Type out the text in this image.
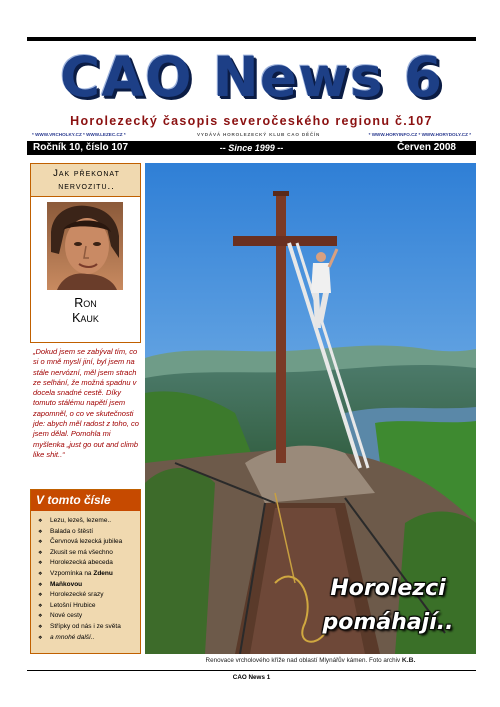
CAO News 6
Horolezecký časopis severočeského regionu č.107
* WWW.VRCHOLKY.CZ * WWW.LEZEC.CZ *	VYDÁVÁ HOROLEZECKÝ KLUB CAO DĚČÍN	* WWW.HORYINFO.CZ * WWW.HORYDOLY.CZ *
-- Since 1999 --
Ročník 10, číslo 107	Červen 2008
Jak překonat nervozitu..
Ron
Kauk
„Dokud jsem se zabýval tím, co si o mně myslí jiní, byl jsem na stále nervózní, měl jsem strach ze selhání, že možná spadnu v docela snadné cestě. Díky tomuto stálému napětí jsem zapomněl, o co ve skutečnosti jde: abych měl radost z toho, co jsem dělal. Pomohla mi myšlenka „just go out and climb like shit..“
V tomto čísle
❖ Lezu, lezeš, lezeme..
❖ Balada o štěstí
❖ Červnová lezecká jubilea
❖ Zkusit se má všechno
❖ Horolezecká abeceda
❖ Vzpomínka na Zdenu
❖ Maňkovou
❖ Horolezecké srazy
❖ Letošní Hrubice
❖ Nové cesty
❖ Střípky od nás i ze světa
❖ a mnohé další..
Horolezci
pomáhají..
Renovace vrcholového kříže nad oblastí Mlynářův kámen. Foto archiv K.B.
CAO News 1
